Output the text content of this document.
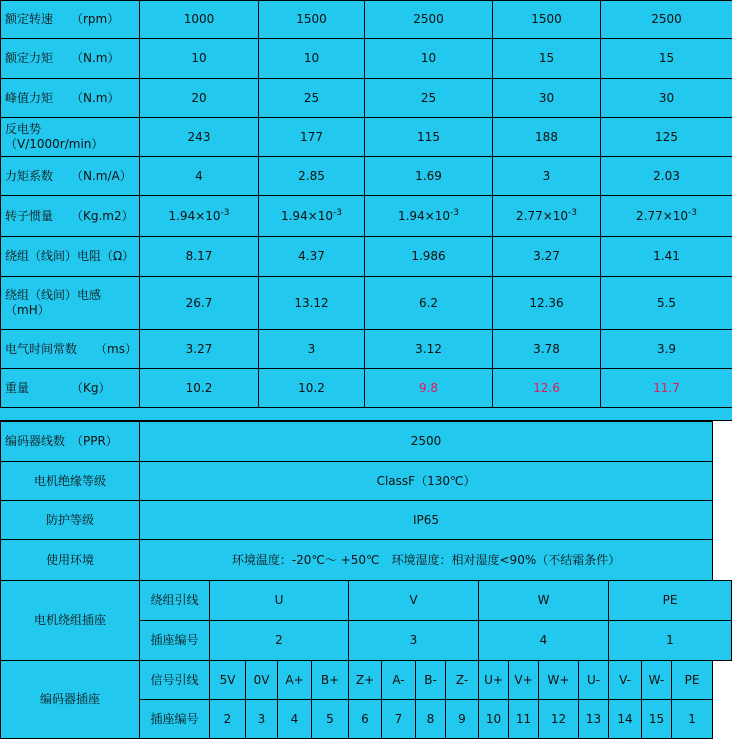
额定转速　　（rpm）	1000	1500	2500	1500	2500
额定力矩　　（N.m）	10	10	10	15	15
峰值力矩　　（N.m）	20	25	25	30	30
反电势　（V/1000r/min）	243	177	115	188	125
力矩系数　　（N.m/A）	4	2.85	1.69	3	2.03
转子惯量　　（Kg.m2）	$1.94\times 10^{-3}$	$1.94\times 10^{-3}$	$1.94\times 10^{-3}$	$2.77\times 10^{-3}$	$2.77\times 10^{-3}$
绕组（线间）电阻（Ω）	8.17	4.37	1.986	3.27	1.41
绕组（线间）电感（mH）	26.7	13.12	6.2	12.36	5.5
电气时间常数　　（ms）	3.27	3	3.12	3.78	3.9
重量　　　　（Kg）	10.2	10.2	9.8	12.6	11.7
编码器线数　（PPR）	2500															
电机绝缘等级	ClassF（130℃）															
防护等级	IP65															
使用环境	环境温度：-20℃～ +50℃　环境湿度：相对湿度<90%（不结霜条件）															
电机绕组插座	绕组引线	U				V				W				PE		
	插座编号	2				3				4				1		
编码器插座	信号引线	5V	0V	A+	B+	Z+	A-	B-	Z-	U+	V+	W+	U-	V-	W-	PE
	插座编号	2	3	4	5	6	7	8	9	10	11	12	13	14	15	1
